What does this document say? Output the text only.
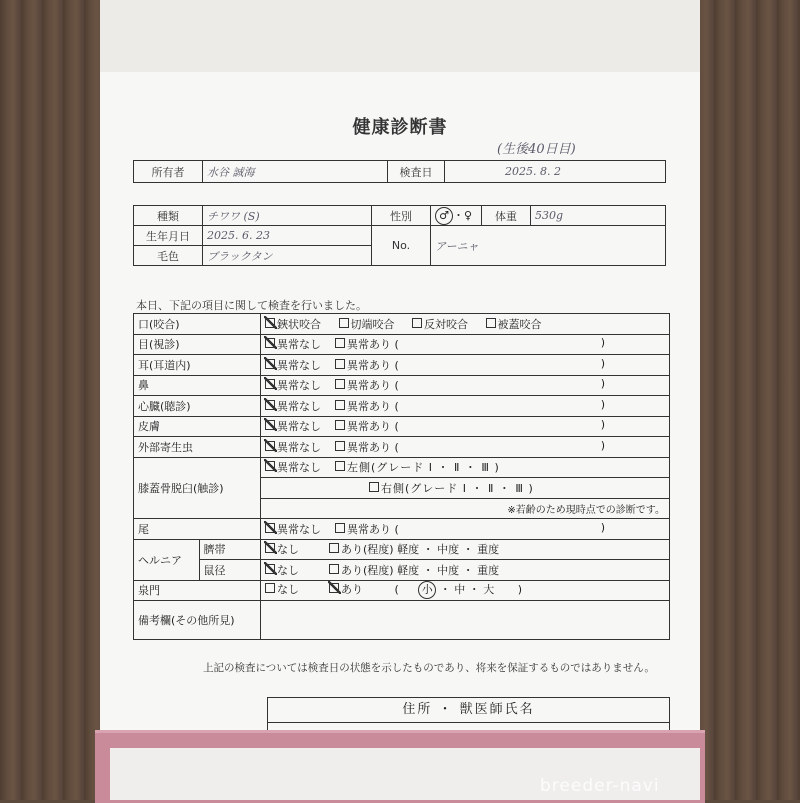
健康診断書
(生後40日目)
所有者	水谷 誠海	検査日	2025. 8. 2
種類	チワワ (S)	性別	♂ ・♀	体重	530g
生年月日	2025. 6. 23	No.	アーニャ		
毛色	ブラックタン				
本日、下記の項目に関して検査を行いました。
口(咬合)		鋏状咬合 切端咬合 反対咬合 被蓋咬合
目(視診)		異常なし 異常あり ( )

耳(耳道内)		異常なし 異常あり ( )

鼻		異常なし 異常あり ( )

心臓(聴診)		異常なし 異常あり ( )

皮膚		異常なし 異常あり ( )

外部寄生虫		異常なし 異常あり ( )

膝蓋骨脱臼(触診)		異常なし 左側(グレード Ⅰ ・ Ⅱ ・ Ⅲ )
		右側(グレード Ⅰ ・ Ⅱ ・ Ⅲ )
		※若齢のため現時点での診断です。
尾		異常なし 異常あり ( )

ヘルニア	臍帯	なし あり(程度) 軽度 ・ 中度 ・ 重度
	鼠径	なし あり(程度) 軽度 ・ 中度 ・ 重度
泉門		なし あり ( 小 ・ 中 ・ 大 )
備考欄(その他所見)		
上記の検査については検査日の状態を示したものであり、将来を保証するものではありません。
住所 ・ 獣医師氏名
breeder-navi
